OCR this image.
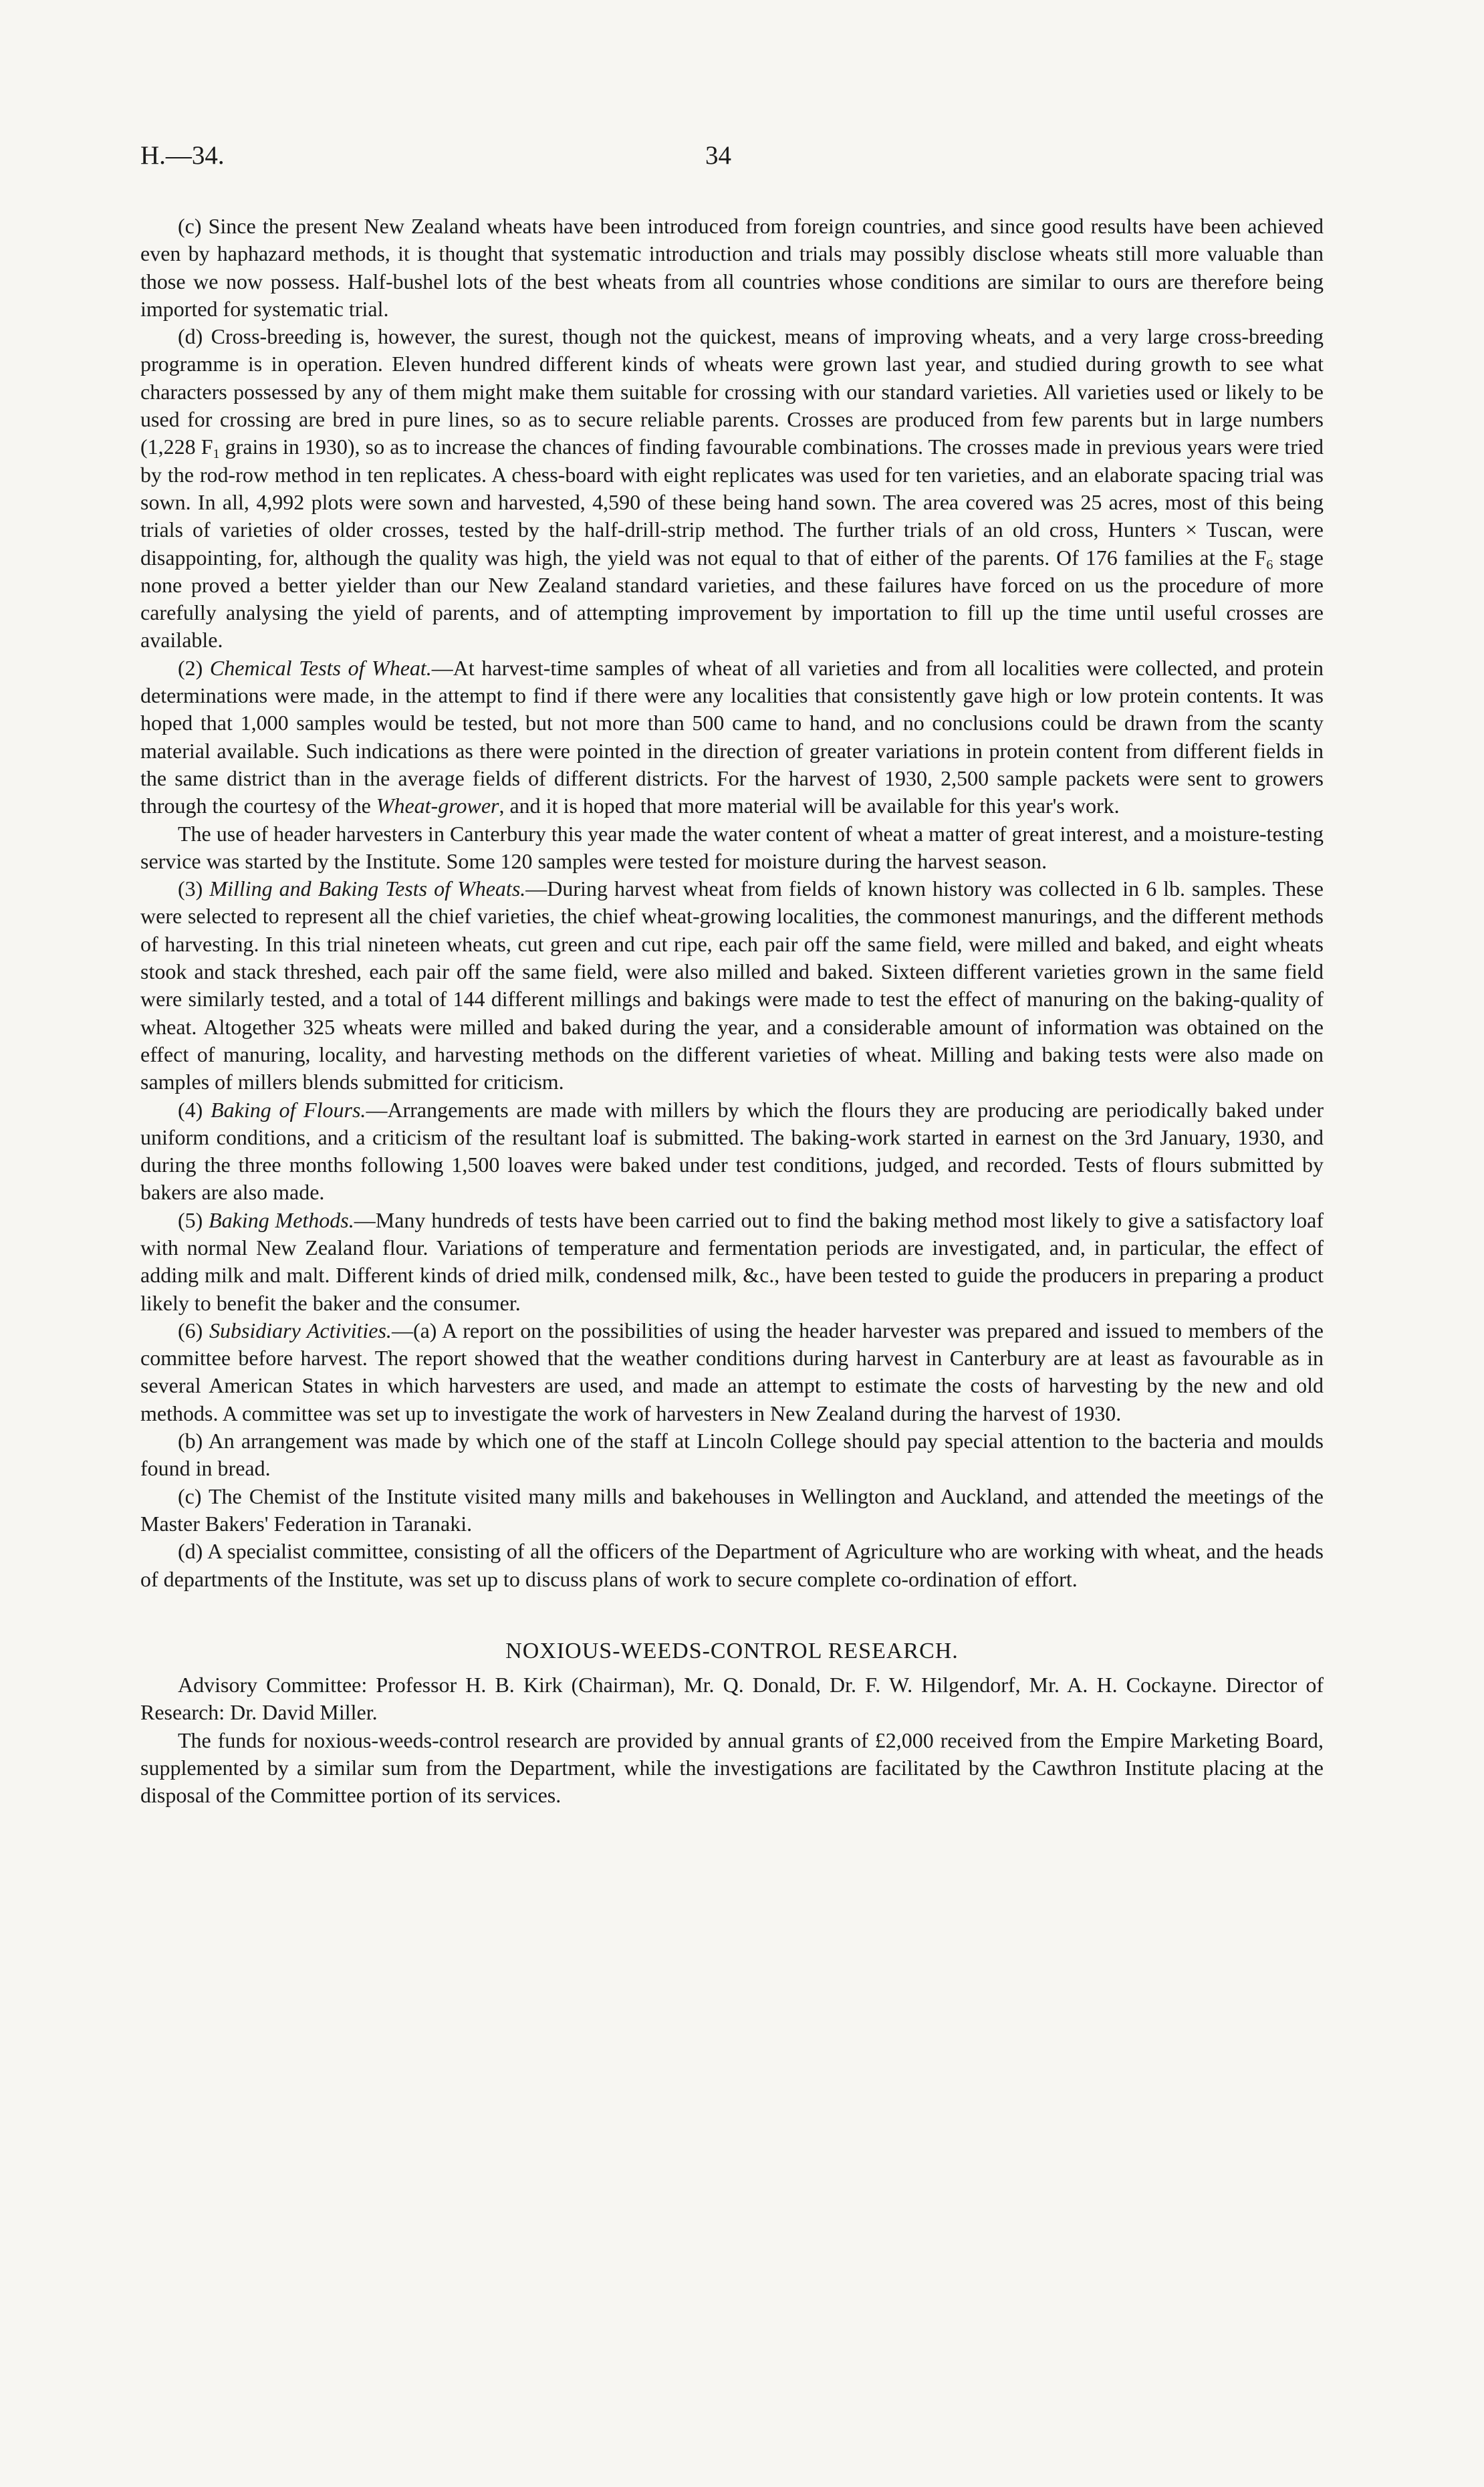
H.—34.	34

(c) Since the present New Zealand wheats have been introduced from foreign countries, and since good results have been achieved even by haphazard methods, it is thought that systematic introduction and trials may possibly disclose wheats still more valuable than those we now possess. Half-bushel lots of the best wheats from all countries whose conditions are similar to ours are therefore being imported for systematic trial.

(d) Cross-breeding is, however, the surest, though not the quickest, means of improving wheats, and a very large cross-breeding programme is in operation. Eleven hundred different kinds of wheats were grown last year, and studied during growth to see what characters possessed by any of them might make them suitable for crossing with our standard varieties. All varieties used or likely to be used for crossing are bred in pure lines, so as to secure reliable parents. Crosses are produced from few parents but in large numbers (1,228 $F_1$ grains in 1930), so as to increase the chances of finding favourable combinations. The crosses made in previous years were tried by the rod-row method in ten replicates. A chess-board with eight replicates was used for ten varieties, and an elaborate spacing trial was sown. In all, 4,992 plots were sown and harvested, 4,590 of these being hand sown. The area covered was 25 acres, most of this being trials of varieties of older crosses, tested by the half-drill-strip method. The further trials of an old cross, Hunters × Tuscan, were disappointing, for, although the quality was high, the yield was not equal to that of either of the parents. Of 176 families at the $F_6$ stage none proved a better yielder than our New Zealand standard varieties, and these failures have forced on us the procedure of more carefully analysing the yield of parents, and of attempting improvement by importation to fill up the time until useful crosses are available.

(2) Chemical Tests of Wheat.—At harvest-time samples of wheat of all varieties and from all localities were collected, and protein determinations were made, in the attempt to find if there were any localities that consistently gave high or low protein contents. It was hoped that 1,000 samples would be tested, but not more than 500 came to hand, and no conclusions could be drawn from the scanty material available. Such indications as there were pointed in the direction of greater variations in protein content from different fields in the same district than in the average fields of different districts. For the harvest of 1930, 2,500 sample packets were sent to growers through the courtesy of the Wheat-grower, and it is hoped that more material will be available for this year's work.

The use of header harvesters in Canterbury this year made the water content of wheat a matter of great interest, and a moisture-testing service was started by the Institute. Some 120 samples were tested for moisture during the harvest season.

(3) Milling and Baking Tests of Wheats.—During harvest wheat from fields of known history was collected in 6 lb. samples. These were selected to represent all the chief varieties, the chief wheat-growing localities, the commonest manurings, and the different methods of harvesting. In this trial nineteen wheats, cut green and cut ripe, each pair off the same field, were milled and baked, and eight wheats stook and stack threshed, each pair off the same field, were also milled and baked. Sixteen different varieties grown in the same field were similarly tested, and a total of 144 different millings and bakings were made to test the effect of manuring on the baking-quality of wheat. Altogether 325 wheats were milled and baked during the year, and a considerable amount of information was obtained on the effect of manuring, locality, and harvesting methods on the different varieties of wheat. Milling and baking tests were also made on samples of millers blends submitted for criticism.

(4) Baking of Flours.—Arrangements are made with millers by which the flours they are producing are periodically baked under uniform conditions, and a criticism of the resultant loaf is submitted. The baking-work started in earnest on the 3rd January, 1930, and during the three months following 1,500 loaves were baked under test conditions, judged, and recorded. Tests of flours submitted by bakers are also made.

(5) Baking Methods.—Many hundreds of tests have been carried out to find the baking method most likely to give a satisfactory loaf with normal New Zealand flour. Variations of temperature and fermentation periods are investigated, and, in particular, the effect of adding milk and malt. Different kinds of dried milk, condensed milk, &c., have been tested to guide the producers in preparing a product likely to benefit the baker and the consumer.

(6) Subsidiary Activities.—(a) A report on the possibilities of using the header harvester was prepared and issued to members of the committee before harvest. The report showed that the weather conditions during harvest in Canterbury are at least as favourable as in several American States in which harvesters are used, and made an attempt to estimate the costs of harvesting by the new and old methods. A committee was set up to investigate the work of harvesters in New Zealand during the harvest of 1930.

(b) An arrangement was made by which one of the staff at Lincoln College should pay special attention to the bacteria and moulds found in bread.

(c) The Chemist of the Institute visited many mills and bakehouses in Wellington and Auckland, and attended the meetings of the Master Bakers' Federation in Taranaki.

(d) A specialist committee, consisting of all the officers of the Department of Agriculture who are working with wheat, and the heads of departments of the Institute, was set up to discuss plans of work to secure complete co-ordination of effort.

NOXIOUS-WEEDS-CONTROL RESEARCH.

Advisory Committee: Professor H. B. Kirk (Chairman), Mr. Q. Donald, Dr. F. W. Hilgendorf, Mr. A. H. Cockayne. Director of Research: Dr. David Miller.

The funds for noxious-weeds-control research are provided by annual grants of £2,000 received from the Empire Marketing Board, supplemented by a similar sum from the Department, while the investigations are facilitated by the Cawthron Institute placing at the disposal of the Committee portion of its services.
